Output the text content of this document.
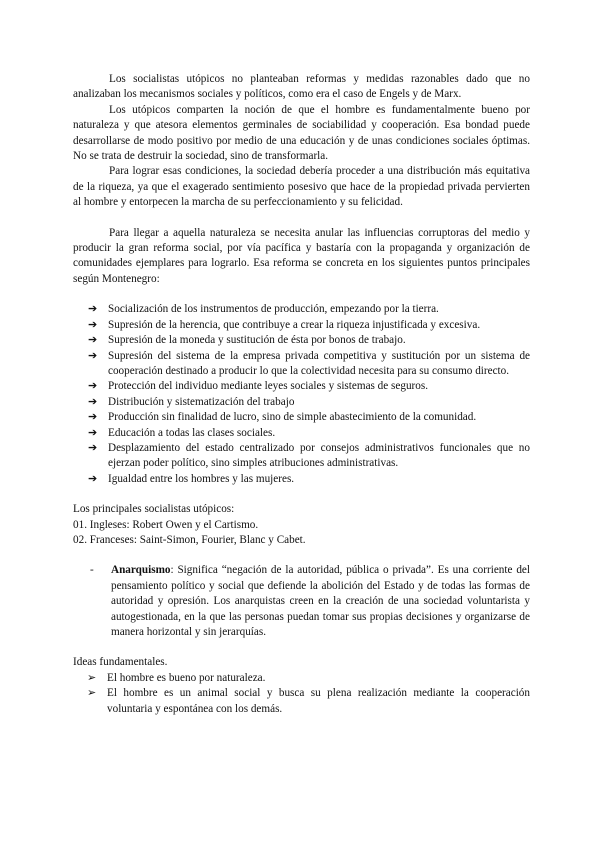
Los socialistas utópicos no planteaban reformas y medidas razonables dado que no analizaban los mecanismos sociales y políticos, como era el caso de Engels y de Marx.

Los utópicos comparten la noción de que el hombre es fundamentalmente bueno por naturaleza y que atesora elementos germinales de sociabilidad y cooperación. Esa bondad puede desarrollarse de modo positivo por medio de una educación y de unas condiciones sociales óptimas. No se trata de destruir la sociedad, sino de transformarla.

Para lograr esas condiciones, la sociedad debería proceder a una distribución más equitativa de la riqueza, ya que el exagerado sentimiento posesivo que hace de la propiedad privada pervierten al hombre y entorpecen la marcha de su perfeccionamiento y su felicidad.

Para llegar a aquella naturaleza se necesita anular las influencias corruptoras del medio y producir la gran reforma social, por vía pacífica y bastaría con la propaganda y organización de comunidades ejemplares para lograrlo. Esa reforma se concreta en los siguientes puntos principales según Montenegro:

➔ Socialización de los instrumentos de producción, empezando por la tierra.
➔ Supresión de la herencia, que contribuye a crear la riqueza injustificada y excesiva.
➔ Supresión de la moneda y sustitución de ésta por bonos de trabajo.
➔ Supresión del sistema de la empresa privada competitiva y sustitución por un sistema de cooperación destinado a producir lo que la colectividad necesita para su consumo directo.
➔ Protección del individuo mediante leyes sociales y sistemas de seguros.
➔ Distribución y sistematización del trabajo
➔ Producción sin finalidad de lucro, sino de simple abastecimiento de la comunidad.
➔ Educación a todas las clases sociales.
➔ Desplazamiento del estado centralizado por consejos administrativos funcionales que no ejerzan poder político, sino simples atribuciones administrativas.
➔ Igualdad entre los hombres y las mujeres.

Los principales socialistas utópicos:

01. Ingleses: Robert Owen y el Cartismo.

02. Franceses: Saint-Simon, Fourier, Blanc y Cabet.

- Anarquismo: Significa “negación de la autoridad, pública o privada”. Es una corriente del pensamiento político y social que defiende la abolición del Estado y de todas las formas de autoridad y opresión. Los anarquistas creen en la creación de una sociedad voluntarista y autogestionada, en la que las personas puedan tomar sus propias decisiones y organizarse de manera horizontal y sin jerarquías.

Ideas fundamentales.

➢ El hombre es bueno por naturaleza.
➢ El hombre es un animal social y busca su plena realización mediante la cooperación voluntaria y espontánea con los demás.
